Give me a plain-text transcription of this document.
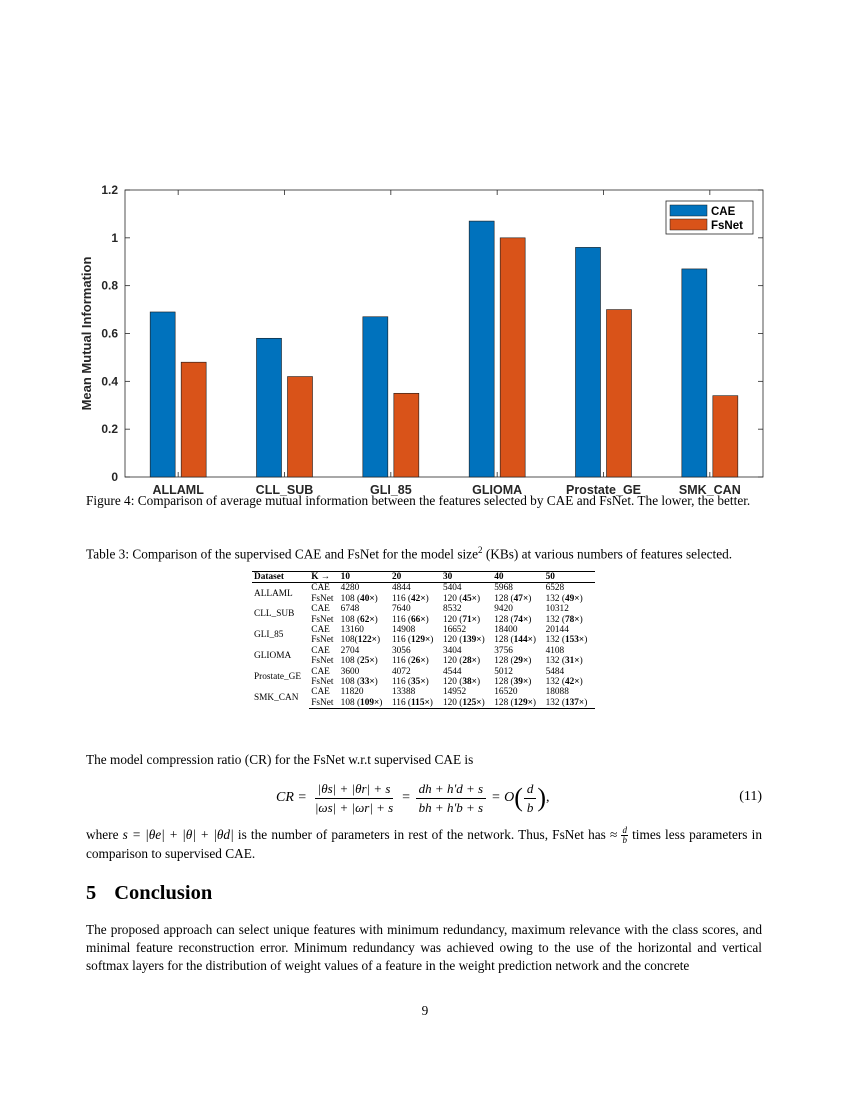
0
0.2
0.4
0.6
0.8
1
1.2
Mean Mutual Information
ALLAML	CLL_SUB	GLI_85	GLIOMA	Prostate_GE	SMK_CAN
CAE
FsNet
Figure 4: Comparison of average mutual information between the features selected by CAE and FsNet. The lower, the better.
Table 3: Comparison of the supervised CAE and FsNet for the model size$^2$ (KBs) at various numbers of features selected.
Dataset	K →	10	20	30	40	50
ALLAML	CAE	4280	4844	5404	5968	6528
	FsNet	108 (40×)	116 (42×)	120 (45×)	128 (47×)	132 (49×)
CLL_SUB	CAE	6748	7640	8532	9420	10312
	FsNet	108 (62×)	116 (66×)	120 (71×)	128 (74×)	132 (78×)
GLI_85	CAE	13160	14908	16652	18400	20144
	FsNet	108(122×)	116 (129×)	120 (139×)	128 (144×)	132 (153×)
GLIOMA	CAE	2704	3056	3404	3756	4108
	FsNet	108 (25×)	116 (26×)	120 (28×)	128 (29×)	132 (31×)
Prostate_GE	CAE	3600	4072	4544	5012	5484
	FsNet	108 (33×)	116 (35×)	120 (38×)	128 (39×)	132 (42×)
SMK_CAN	CAE	11820	13388	14952	16520	18088
	FsNet	108 (109×)	116 (115×)	120 (125×)	128 (129×)	132 (137×)
The model compression ratio (CR) for the FsNet w.r.t supervised CAE is
CR = $\frac{|\theta s| + |\theta r| + s}{|\omega s| + |\omega r| + s} = \frac{dh + h'd + s}{bh + h'b + s} = O$ ( $\frac{d}{b}$ ) ,	(11)
where s = |θe| + |θ| + |θd| is the number of parameters in rest of the network. Thus, FsNet has ≈ $\frac{d}{b}$ times less parameters in comparison to supervised CAE.
5 Conclusion
The proposed approach can select unique features with minimum redundancy, maximum relevance with the class scores, and minimal feature reconstruction error. Minimum redundancy was achieved owing to the use of the horizontal and vertical softmax layers for the distribution of weight values of a feature in the weight prediction network and the concrete
9
